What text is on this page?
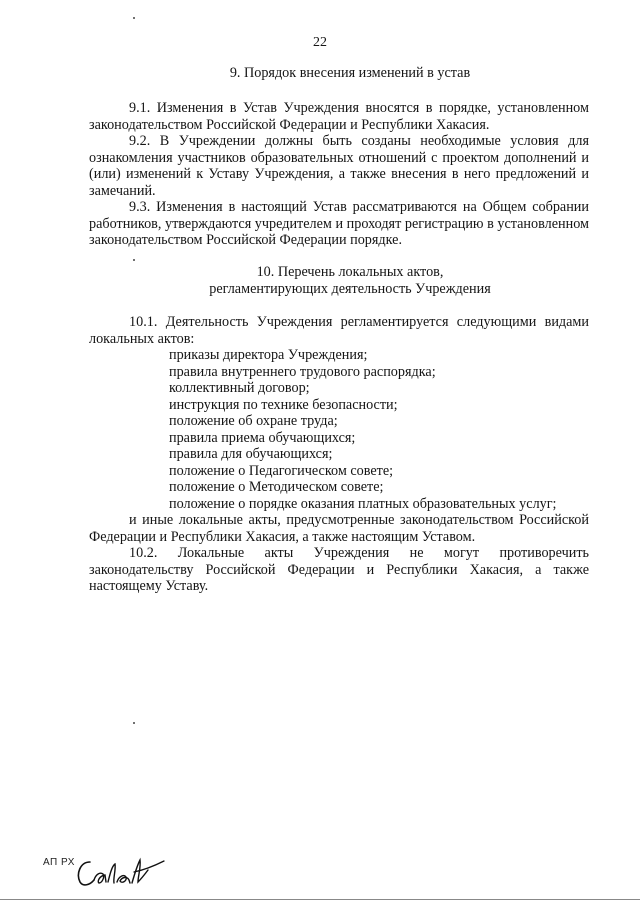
22
9. Порядок внесения изменений в устав

9.1. Изменения в Устав Учреждения вносятся в порядке, установленном законодательством Российской Федерации и Республики Хакасия.

9.2. В Учреждении должны быть созданы необходимые условия для ознакомления участников образовательных отношений с проектом дополнений и (или) изменений к Уставу Учреждения, а также внесения в него предложений и замечаний.

9.3. Изменения в настоящий Устав рассматриваются на Общем собрании работников, утверждаются учредителем и проходят регистрацию в установленном законодательством Российской Федерации порядке.

10. Перечень локальных актов,
регламентирующих деятельность Учреждения

10.1. Деятельность Учреждения регламентируется следующими видами локальных актов:

приказы директора Учреждения;

правила внутреннего трудового распорядка;

коллективный договор;

инструкция по технике безопасности;

положение об охране труда;

правила приема обучающихся;

правила для обучающихся;

положение о Педагогическом совете;

положение о Методическом совете;

положение о порядке оказания платных образовательных услуг;

и иные локальные акты, предусмотренные законодательством Российской Федерации и Республики Хакасия, а также настоящим Уставом.

10.2. Локальные акты Учреждения не могут противоречить законодательству Российской Федерации и Республики Хакасия, а также настоящему Уставу.

АП РХ
